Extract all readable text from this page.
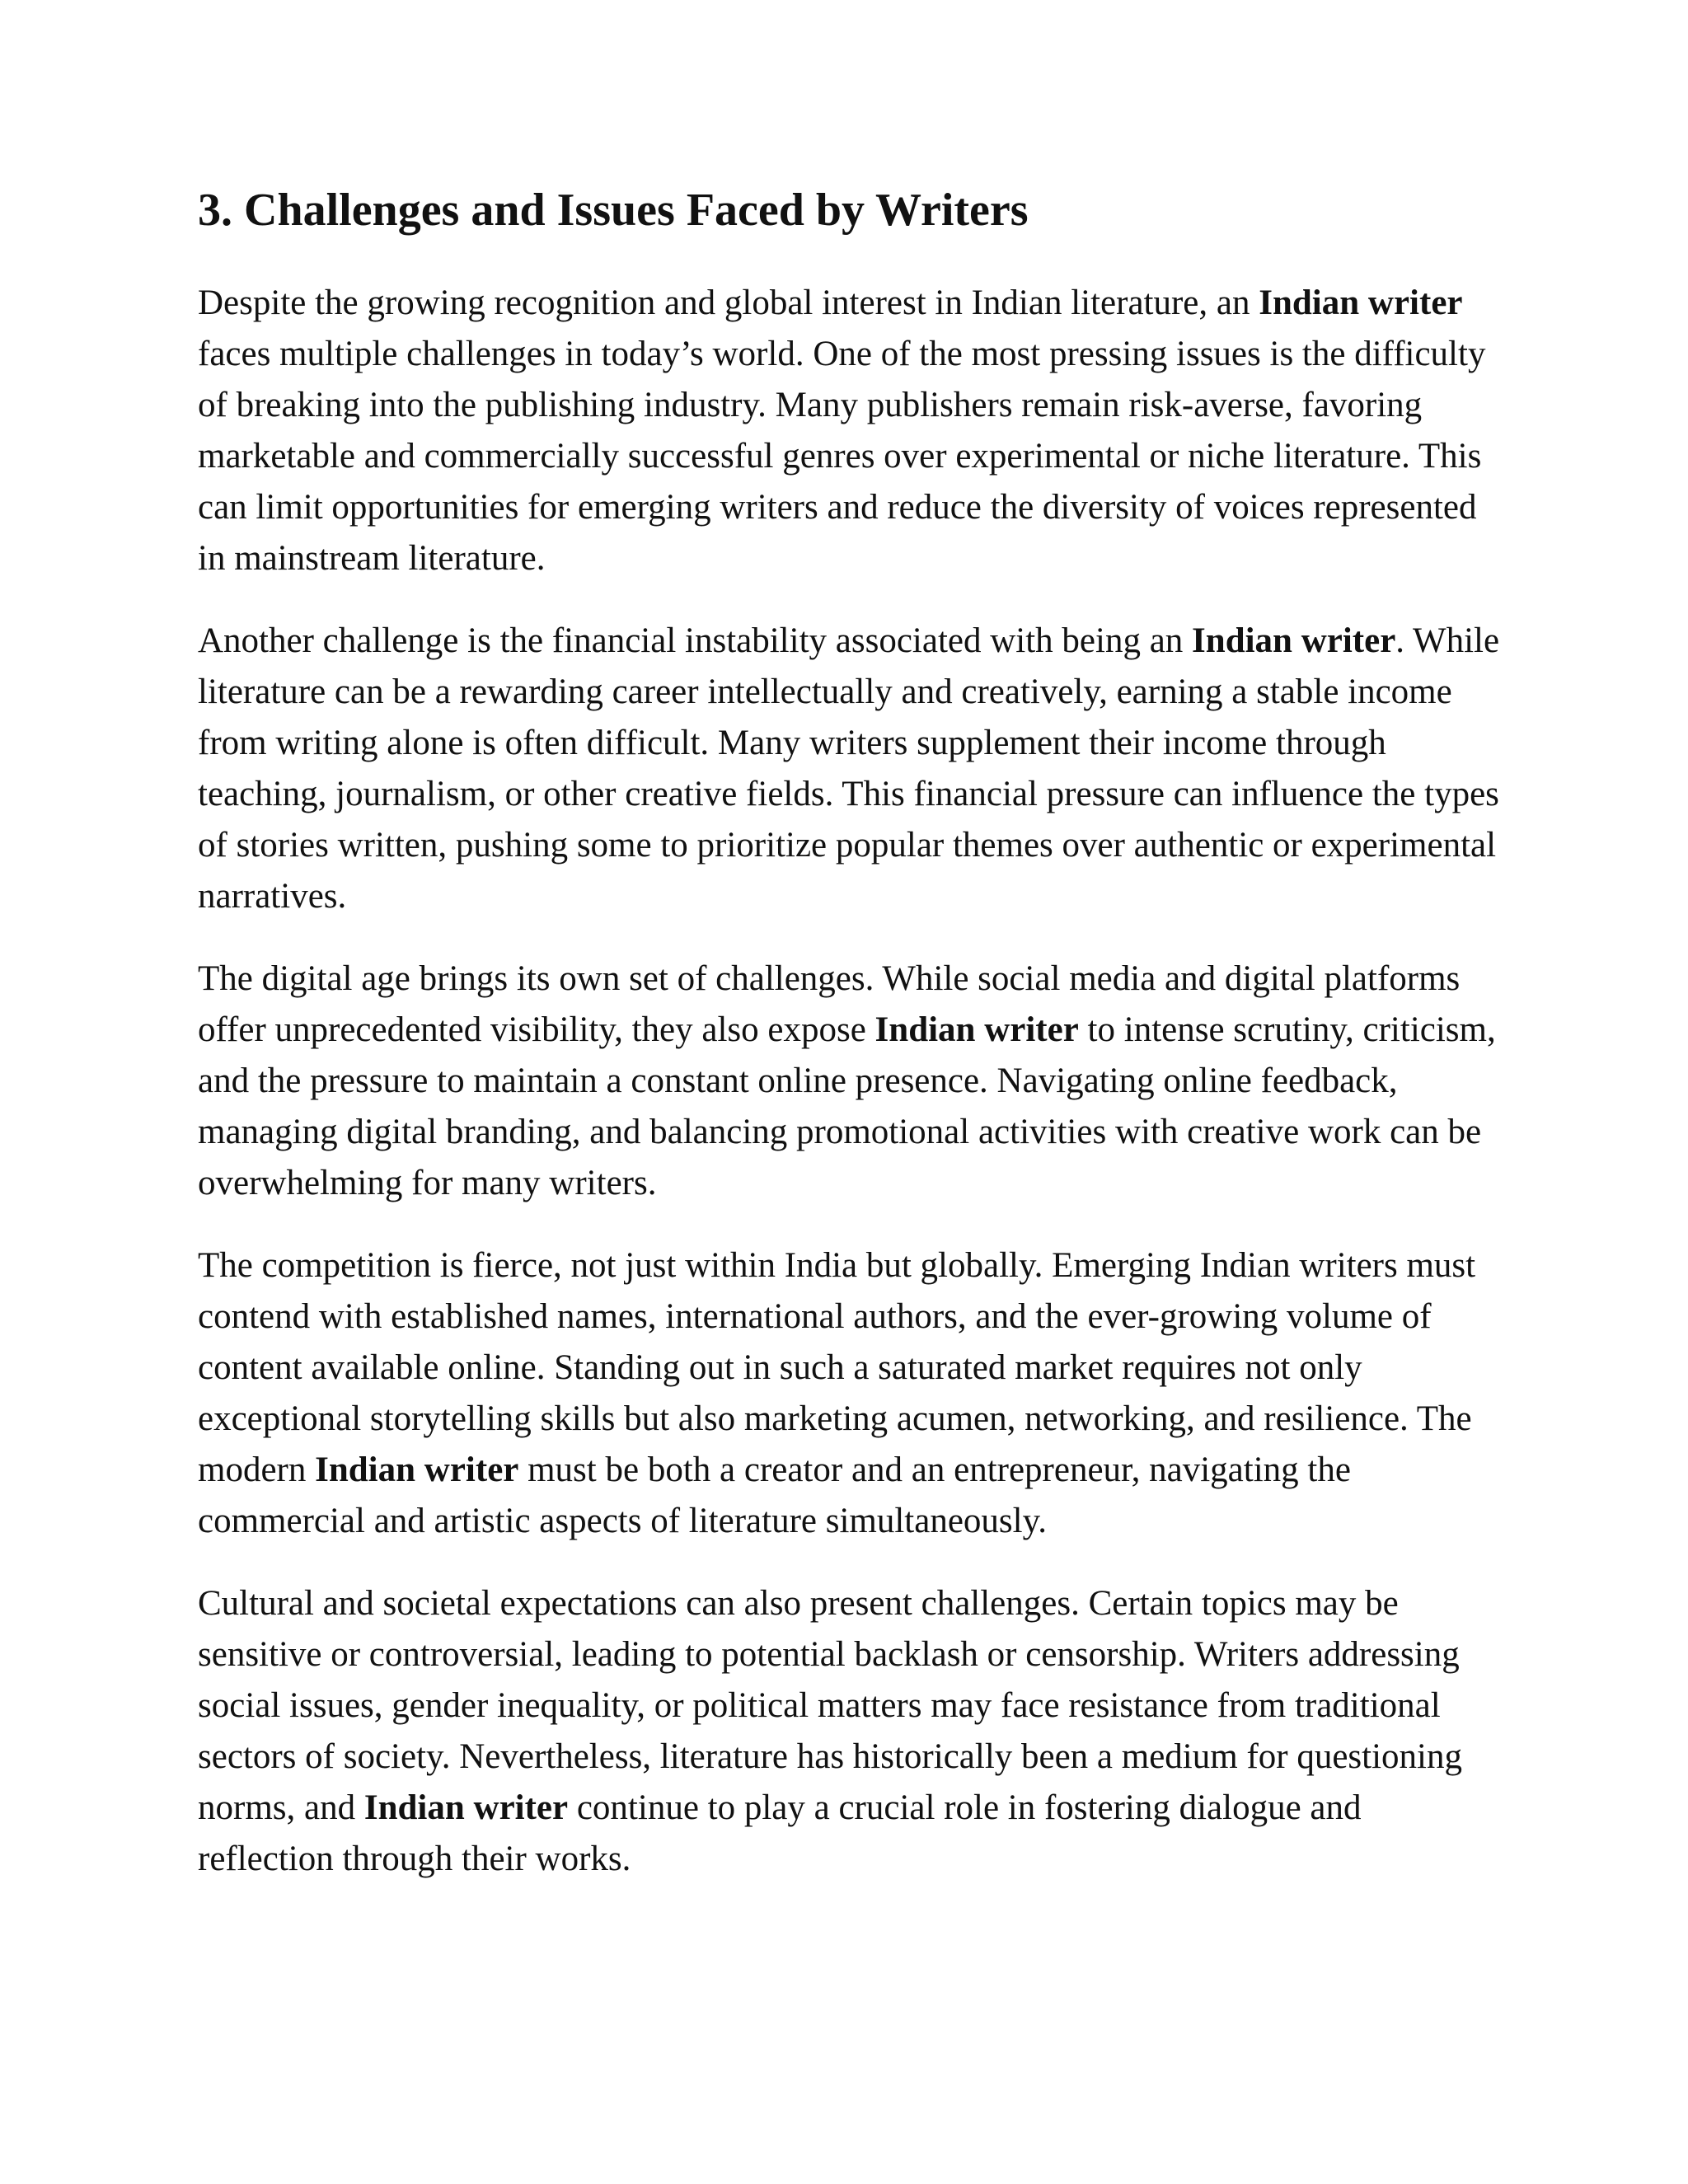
3. Challenges and Issues Faced by Writers

Despite the growing recognition and global interest in Indian literature, an Indian writer faces multiple challenges in today’s world. One of the most pressing issues is the difficulty of breaking into the publishing industry. Many publishers remain risk-averse, favoring marketable and commercially successful genres over experimental or niche literature. This can limit opportunities for emerging writers and reduce the diversity of voices represented in mainstream literature.

Another challenge is the financial instability associated with being an Indian writer. While literature can be a rewarding career intellectually and creatively, earning a stable income from writing alone is often difficult. Many writers supplement their income through teaching, journalism, or other creative fields. This financial pressure can influence the types of stories written, pushing some to prioritize popular themes over authentic or experimental narratives.

The digital age brings its own set of challenges. While social media and digital platforms offer unprecedented visibility, they also expose Indian writer to intense scrutiny, criticism, and the pressure to maintain a constant online presence. Navigating online feedback, managing digital branding, and balancing promotional activities with creative work can be overwhelming for many writers.

The competition is fierce, not just within India but globally. Emerging Indian writers must contend with established names, international authors, and the ever-growing volume of content available online. Standing out in such a saturated market requires not only exceptional storytelling skills but also marketing acumen, networking, and resilience. The modern Indian writer must be both a creator and an entrepreneur, navigating the commercial and artistic aspects of literature simultaneously.

Cultural and societal expectations can also present challenges. Certain topics may be sensitive or controversial, leading to potential backlash or censorship. Writers addressing social issues, gender inequality, or political matters may face resistance from traditional sectors of society. Nevertheless, literature has historically been a medium for questioning norms, and Indian writer continue to play a crucial role in fostering dialogue and reflection through their works.
